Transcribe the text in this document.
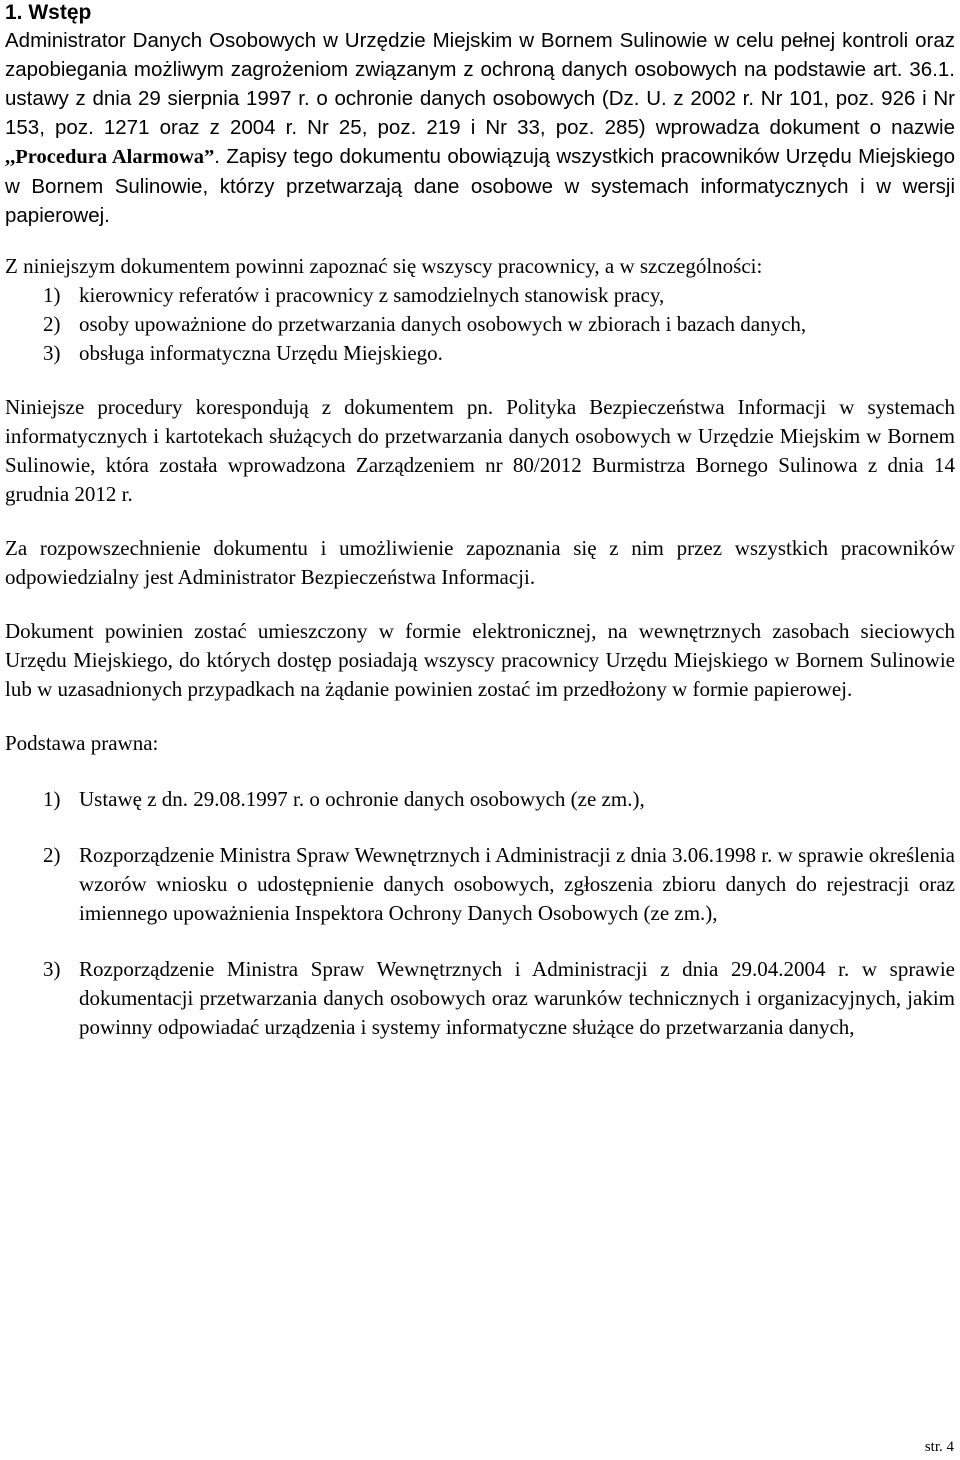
1. Wstęp

Administrator Danych Osobowych w Urzędzie Miejskim w Bornem Sulinowie w celu pełnej kontroli oraz zapobiegania możliwym zagrożeniom związanym z ochroną danych osobowych na podstawie art. 36.1. ustawy z dnia 29 sierpnia 1997 r. o ochronie danych osobowych (Dz. U. z 2002 r. Nr 101, poz. 926 i Nr 153, poz. 1271 oraz z 2004 r. Nr 25, poz. 219 i Nr 33, poz. 285) wprowadza dokument o nazwie ,,Procedura Alarmowa”. Zapisy tego dokumentu obowiązują wszystkich pracowników Urzędu Miejskiego w Bornem Sulinowie, którzy przetwarzają dane osobowe w systemach informatycznych i w wersji papierowej.

Z niniejszym dokumentem powinni zapoznać się wszyscy pracownicy, a w szczególności:

1) kierownicy referatów i pracownicy z samodzielnych stanowisk pracy,
2) osoby upoważnione do przetwarzania danych osobowych w zbiorach i bazach danych,
3) obsługa informatyczna Urzędu Miejskiego.

Niniejsze procedury korespondują z dokumentem pn. Polityka Bezpieczeństwa Informacji w systemach informatycznych i kartotekach służących do przetwarzania danych osobowych w Urzędzie Miejskim w Bornem Sulinowie, która została wprowadzona Zarządzeniem nr 80/2012 Burmistrza Bornego Sulinowa z dnia 14 grudnia 2012 r.

Za rozpowszechnienie dokumentu i umożliwienie zapoznania się z nim przez wszystkich pracowników odpowiedzialny jest Administrator Bezpieczeństwa Informacji.

Dokument powinien zostać umieszczony w formie elektronicznej, na wewnętrznych zasobach sieciowych Urzędu Miejskiego, do których dostęp posiadają wszyscy pracownicy Urzędu Miejskiego w Bornem Sulinowie lub w uzasadnionych przypadkach na żądanie powinien zostać im przedłożony w formie papierowej.

Podstawa prawna:

1) Ustawę z dn. 29.08.1997 r. o ochronie danych osobowych (ze zm.),
2) Rozporządzenie Ministra Spraw Wewnętrznych i Administracji z dnia 3.06.1998 r. w sprawie określenia wzorów wniosku o udostępnienie danych osobowych, zgłoszenia zbioru danych do rejestracji oraz imiennego upoważnienia Inspektora Ochrony Danych Osobowych (ze zm.),
3) Rozporządzenie Ministra Spraw Wewnętrznych i Administracji z dnia 29.04.2004 r. w sprawie dokumentacji przetwarzania danych osobowych oraz warunków technicznych i organizacyjnych, jakim powinny odpowiadać urządzenia i systemy informatyczne służące do przetwarzania danych,
str. 4
